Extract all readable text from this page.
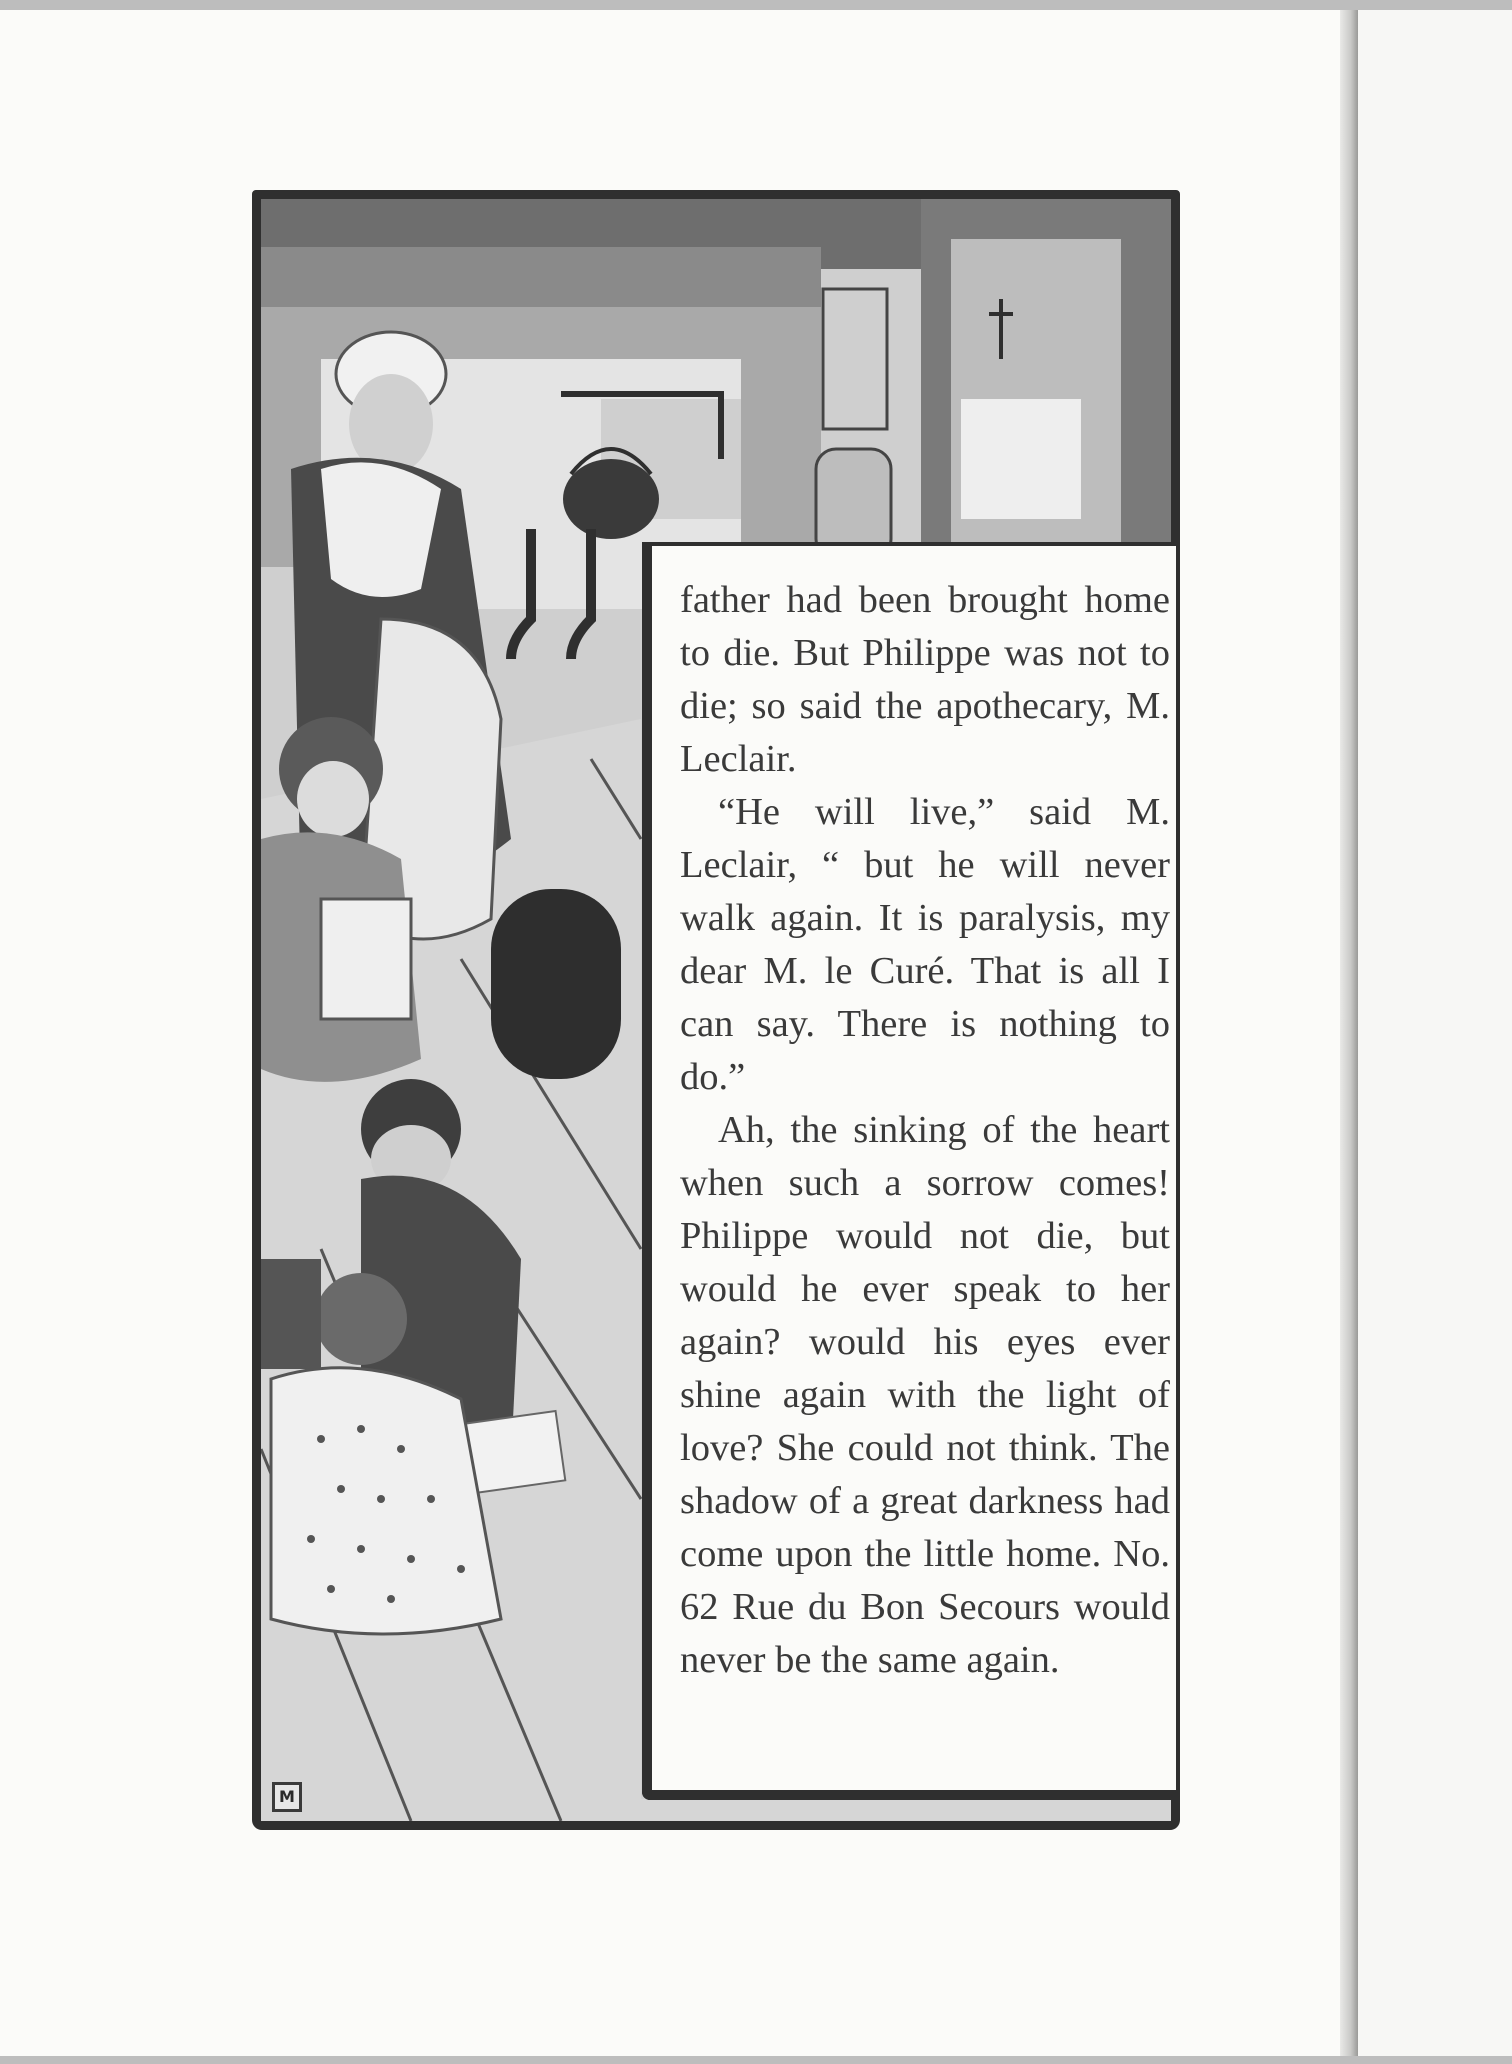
father had been brought home to die. But Philippe was not to die; so said the apothecary, M. Leclair.

“He will live,” said M. Leclair, “ but he will never walk again. It is paralysis, my dear M. le Curé. That is all I can say. There is nothing to do.”

Ah, the sinking of the heart when such a sorrow comes! Philippe would not die, but would he ever speak to her again? would his eyes ever shine again with the light of love? She could not think. The shadow of a great darkness had come upon the little home. No. 62 Rue du Bon Secours would never be the same again.

M
